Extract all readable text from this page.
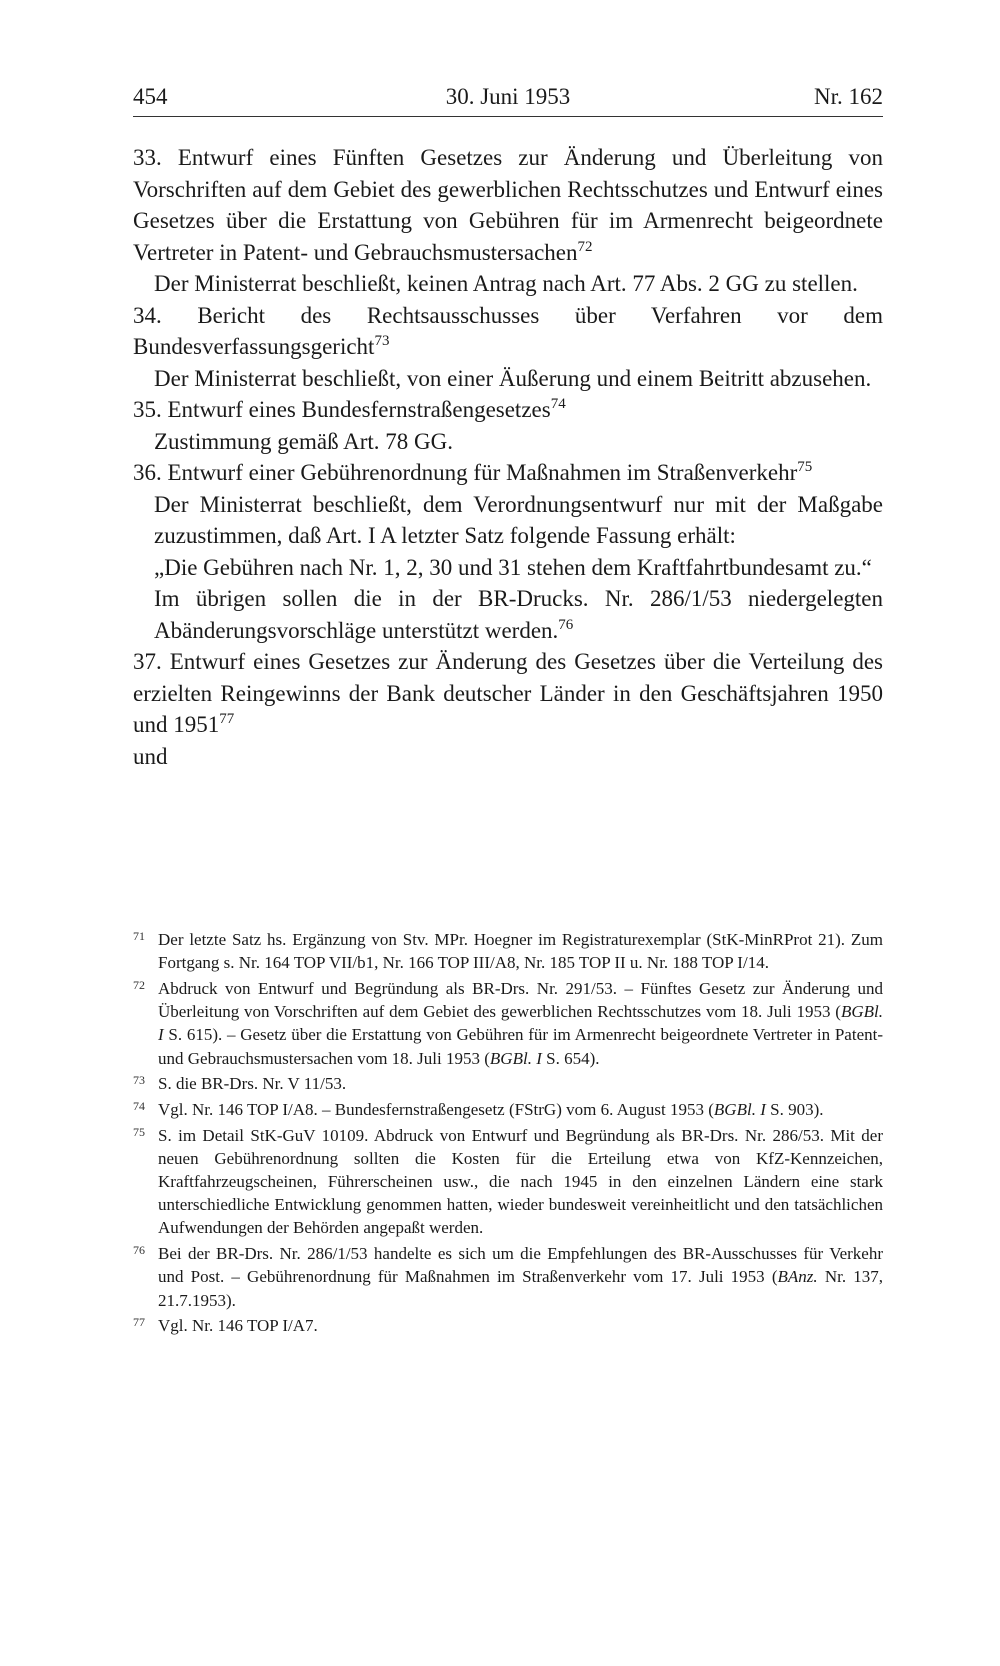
454	30. Juni 1953	Nr. 162

33. Entwurf eines Fünften Gesetzes zur Änderung und Überleitung von Vorschriften auf dem Gebiet des gewerblichen Rechtsschutzes und Entwurf eines Gesetzes über die Erstattung von Gebühren für im Armenrecht beigeordnete Vertreter in Patent- und Gebrauchsmustersachen$^{72}$

Der Ministerrat beschließt, keinen Antrag nach Art. 77 Abs. 2 GG zu stellen.

34. Bericht des Rechtsausschusses über Verfahren vor dem Bundesverfassungsgericht$^{73}$

Der Ministerrat beschließt, von einer Äußerung und einem Beitritt abzusehen.

35. Entwurf eines Bundesfernstraßengesetzes$^{74}$

Zustimmung gemäß Art. 78 GG.

36. Entwurf einer Gebührenordnung für Maßnahmen im Straßenverkehr$^{75}$

Der Ministerrat beschließt, dem Verordnungsentwurf nur mit der Maßgabe zuzustimmen, daß Art. I A letzter Satz folgende Fassung erhält:

„Die Gebühren nach Nr. 1, 2, 30 und 31 stehen dem Kraftfahrtbundesamt zu.“

Im übrigen sollen die in der BR-Drucks. Nr. 286/1/53 niedergelegten Abänderungsvorschläge unterstützt werden.$^{76}$

37. Entwurf eines Gesetzes zur Änderung des Gesetzes über die Verteilung des erzielten Reingewinns der Bank deutscher Länder in den Geschäftsjahren 1950 und 1951$^{77}$

und

71 Der letzte Satz hs. Ergänzung von Stv. MPr. Hoegner im Registraturexemplar (StK-MinRProt 21). Zum Fortgang s. Nr. 164 TOP VII/b1, Nr. 166 TOP III/A8, Nr. 185 TOP II u. Nr. 188 TOP I/14.
72 Abdruck von Entwurf und Begründung als BR-Drs. Nr. 291/53. – Fünftes Gesetz zur Änderung und Überleitung von Vorschriften auf dem Gebiet des gewerblichen Rechtsschutzes vom 18. Juli 1953 (BGBl. I S. 615). – Gesetz über die Erstattung von Gebühren für im Armenrecht beigeordnete Vertreter in Patent- und Gebrauchsmustersachen vom 18. Juli 1953 (BGBl. I S. 654).
73 S. die BR-Drs. Nr. V 11/53.
74 Vgl. Nr. 146 TOP I/A8. – Bundesfernstraßengesetz (FStrG) vom 6. August 1953 (BGBl. I S. 903).
75 S. im Detail StK-GuV 10109. Abdruck von Entwurf und Begründung als BR-Drs. Nr. 286/53. Mit der neuen Gebührenordnung sollten die Kosten für die Erteilung etwa von KfZ-Kennzeichen, Kraftfahrzeugscheinen, Führerscheinen usw., die nach 1945 in den einzelnen Ländern eine stark unterschiedliche Entwicklung genommen hatten, wieder bundesweit vereinheitlicht und den tatsächlichen Aufwendungen der Behörden angepaßt werden.
76 Bei der BR-Drs. Nr. 286/1/53 handelte es sich um die Empfehlungen des BR-Ausschusses für Verkehr und Post. – Gebührenordnung für Maßnahmen im Straßenverkehr vom 17. Juli 1953 (BAnz. Nr. 137, 21.7.1953).
77 Vgl. Nr. 146 TOP I/A7.
